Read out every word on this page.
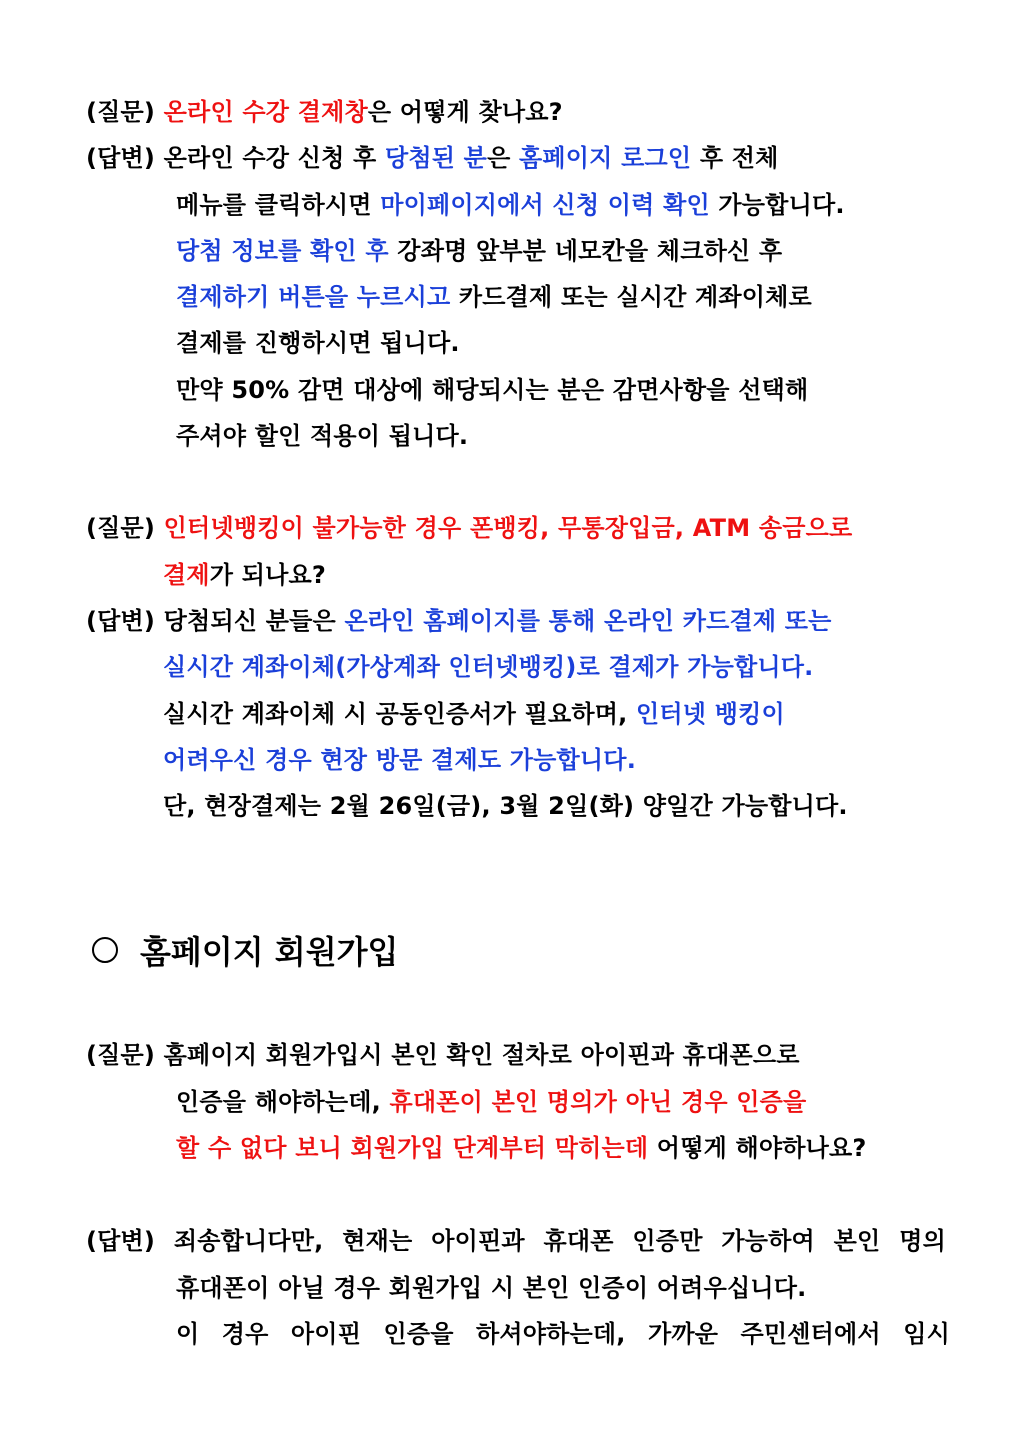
(질문) 온라인 수강 결제창은 어떻게 찾나요?
(답변) 온라인 수강 신청 후 당첨된 분은 홈페이지 로그인 후 전체
메뉴를 클릭하시면 마이페이지에서 신청 이력 확인 가능합니다.
당첨 정보를 확인 후 강좌명 앞부분 네모칸을 체크하신 후
결제하기 버튼을 누르시고 카드결제 또는 실시간 계좌이체로
결제를 진행하시면 됩니다.
만약 50% 감면 대상에 해당되시는 분은 감면사항을 선택해
주셔야 할인 적용이 됩니다.
(질문) 인터넷뱅킹이 불가능한 경우 폰뱅킹, 무통장입금, ATM 송금으로
결제가 되나요?
(답변) 당첨되신 분들은 온라인 홈페이지를 통해 온라인 카드결제 또는
실시간 계좌이체(가상계좌 인터넷뱅킹)로 결제가 가능합니다.
실시간 계좌이체 시 공동인증서가 필요하며, 인터넷 뱅킹이
어려우신 경우 현장 방문 결제도 가능합니다.
단, 현장결제는 2월 26일(금), 3월 2일(화) 양일간 가능합니다.
홈페이지 회원가입
(질문) 홈페이지 회원가입시 본인 확인 절차로 아이핀과 휴대폰으로
인증을 해야하는데, 휴대폰이 본인 명의가 아닌 경우 인증을
할 수 없다 보니 회원가입 단계부터 막히는데 어떻게 해야하나요?
(답변) 죄송합니다만, 현재는 아이핀과 휴대폰 인증만 가능하여 본인 명의
휴대폰이 아닐 경우 회원가입 시 본인 인증이 어려우십니다.
이 경우 아이핀 인증을 하셔야하는데, 가까운 주민센터에서 임시
